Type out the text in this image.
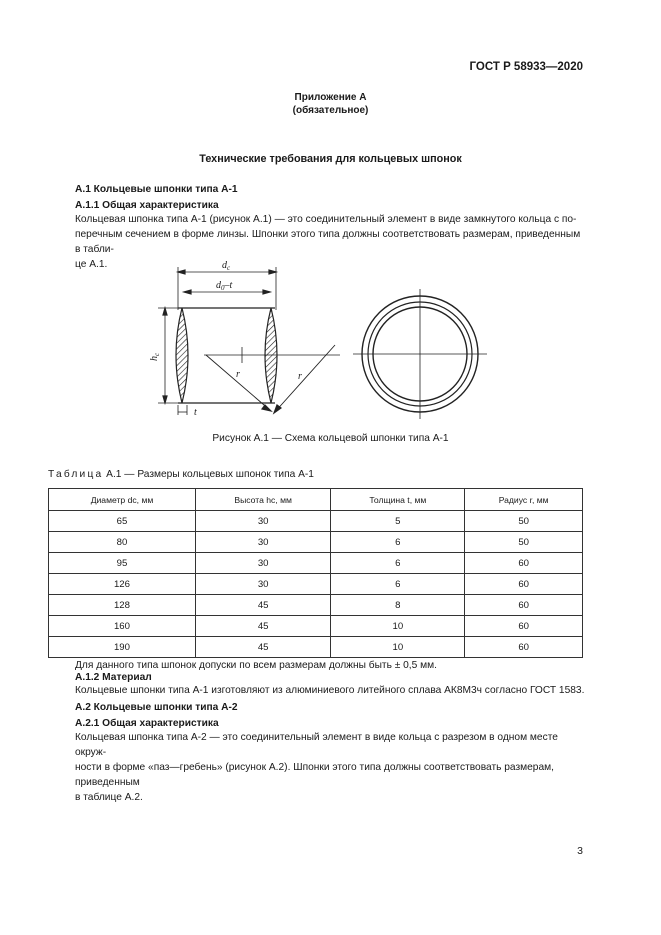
ГОСТ Р 58933—2020
Приложение А
(обязательное)
Технические требования для кольцевых шпонок
А.1 Кольцевые шпонки типа А-1
А.1.1 Общая характеристика
Кольцевая шпонка типа А-1 (рисунок А.1) — это соединительный элемент в виде замкнутого кольца с по-
перечным сечением в форме линзы. Шпонки этого типа должны соответствовать размерам, приведенным в табли-
це А.1.	$d_c$
$d_0-t$
$h_c$
t
r	r
Рисунок А.1 — Схема кольцевой шпонки типа А-1
Таблица А.1 — Размеры кольцевых шпонок типа А-1
Диаметр dc, мм	Высота hc, мм	Толщина t, мм	Радиус r, мм
65	30	5	50
80	30	6	50
95	30	6	60
126	30	6	60
128	45	8	60
160	45	10	60
190	45	10	60
Для данного типа шпонок допуски по всем размерам должны быть ± 0,5 мм.
А.1.2 Материал
Кольцевые шпонки типа А-1 изготовляют из алюминиевого литейного сплава АК8М3ч согласно ГОСТ 1583.
А.2 Кольцевые шпонки типа А-2
А.2.1 Общая характеристика
Кольцевая шпонка типа А-2 — это соединительный элемент в виде кольца с разрезом в одном месте окруж-
ности в форме «паз—гребень» (рисунок А.2). Шпонки этого типа должны соответствовать размерам, приведенным
в таблице А.2.
3
